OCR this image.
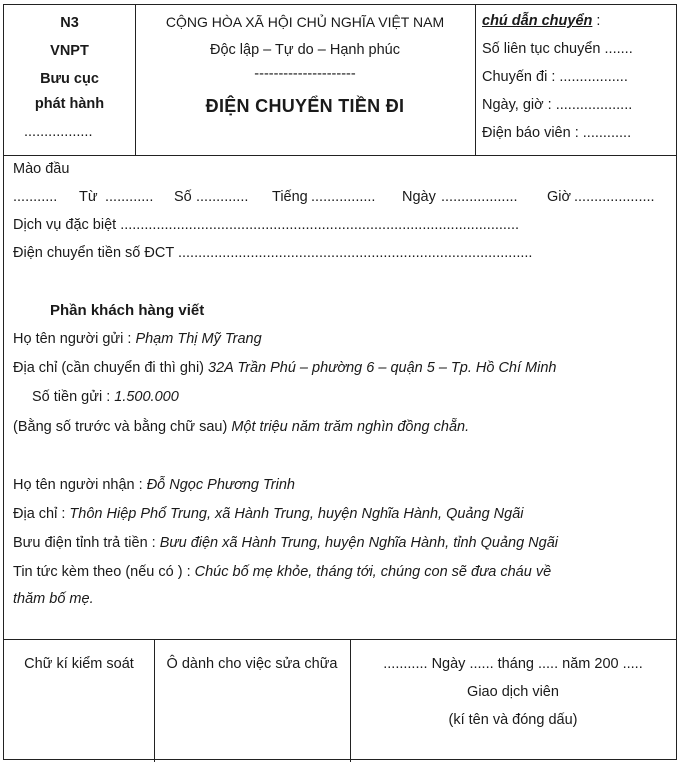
N3
VNPT
Bưu cục
phát hành
.................
CỘNG HÒA XÃ HỘI CHỦ NGHĨA VIỆT NAM
Độc lập – Tự do – Hạnh phúc
---------------------
ĐIỆN CHUYỂN TIỀN ĐI
chú dẫn chuyển :
Số liên tục chuyển .......
Chuyến đi : .................
Ngày, giờ : ...................
Điện báo viên : ............
Mào đầu
........... Từ ............ Số ............. Tiếng ................ Ngày ................... Giờ ....................
Dịch vụ đặc biệt ...................................................................................................
Điện chuyển tiền số ĐCT ........................................................................................
Phần khách hàng viết
Họ tên người gửi : Phạm Thị Mỹ Trang
Địa chỉ (cần chuyển đi thì ghi) 32A Trần Phú – phường 6 – quận 5 – Tp. Hồ Chí Minh
Số tiền gửi : 1.500.000
(Bằng số trước và bằng chữ sau) Một triệu năm trăm nghìn đồng chẵn.
Họ tên người nhận : Đỗ Ngọc Phương Trinh
Địa chỉ : Thôn Hiệp Phổ Trung, xã Hành Trung, huyện Nghĩa Hành, Quảng Ngãi
Bưu điện tỉnh trả tiền : Bưu điện xã Hành Trung, huyện Nghĩa Hành, tỉnh Quảng Ngãi
Tin tức kèm theo (nếu có ) : Chúc bố mẹ khỏe, tháng tới, chúng con sẽ đưa cháu về
thăm bố mẹ.
Chữ kí kiểm soát	Ô dành cho việc sửa chữa	........... Ngày ...... tháng ..... năm 200 .....
Giao dịch viên
(kí tên và đóng dấu)
